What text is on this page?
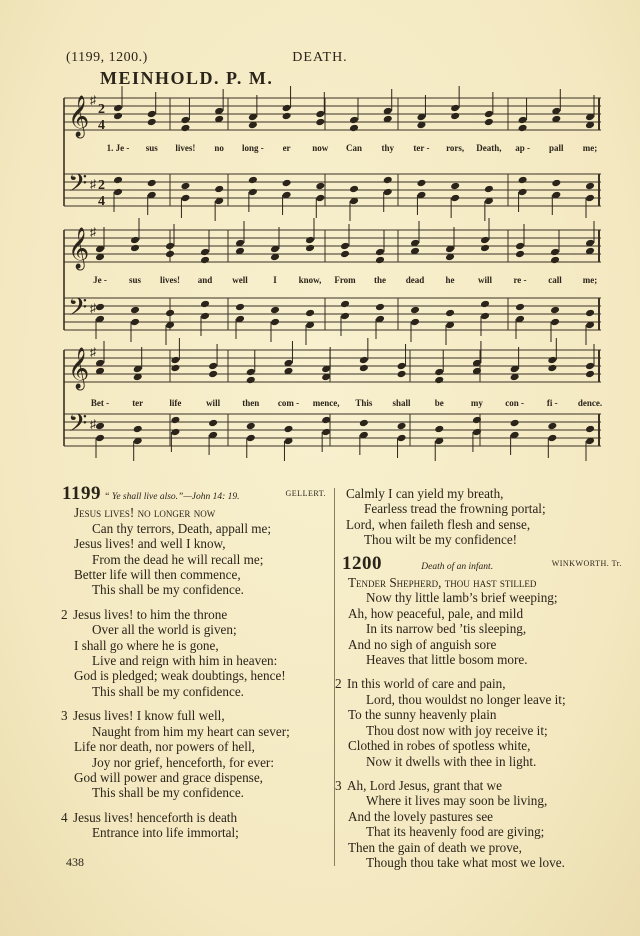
(1199, 1200.)	DEATH.
MEINHOLD. P. M.
𝄞
𝄢
♯
♯
2
2
4
4
1. Je - sus lives! no long - er now Can thy ter - rors, Death, ap - pall me;
𝄞
𝄢
♯
♯
Je - sus lives! and well	I know, From the dead he	will re - call me;
𝄞
𝄢
♯
♯
Bet -	ter	life	will then com - mence, This shall	be	my con -	fi - dence.
1199 “ Ye shall live also.”—John 14: 19.	GELLERT.
Jesus lives! no longer now
Can thy terrors, Death, appall me;
Jesus lives! and well I know,
From the dead he will recall me;
Better life will then commence,
This shall be my confidence.
2 Jesus lives! to him the throne
Over all the world is given;
I shall go where he is gone,
Live and reign with him in heaven:
God is pledged; weak doubtings, hence!
This shall be my confidence.
3 Jesus lives! I know full well,
Naught from him my heart can sever;
Life nor death, nor powers of hell,
Joy nor grief, henceforth, for ever:
God will power and grace dispense,
This shall be my confidence.
4 Jesus lives! henceforth is death
Entrance into life immortal;
Calmly I can yield my breath,
Fearless tread the frowning portal;
Lord, when faileth flesh and sense,
Thou wilt be my confidence!
1200	Death of an infant.	WINKWORTH. Tr.
Tender Shepherd, thou hast stilled
Now thy little lamb’s brief weeping;
Ah, how peaceful, pale, and mild
In its narrow bed ’tis sleeping,
And no sigh of anguish sore
Heaves that little bosom more.
2 In this world of care and pain,
Lord, thou wouldst no longer leave it;
To the sunny heavenly plain
Thou dost now with joy receive it;
Clothed in robes of spotless white,
Now it dwells with thee in light.
3 Ah, Lord Jesus, grant that we
Where it lives may soon be living,
And the lovely pastures see
That its heavenly food are giving;
Then the gain of death we prove,
Though thou take what most we love.
438
